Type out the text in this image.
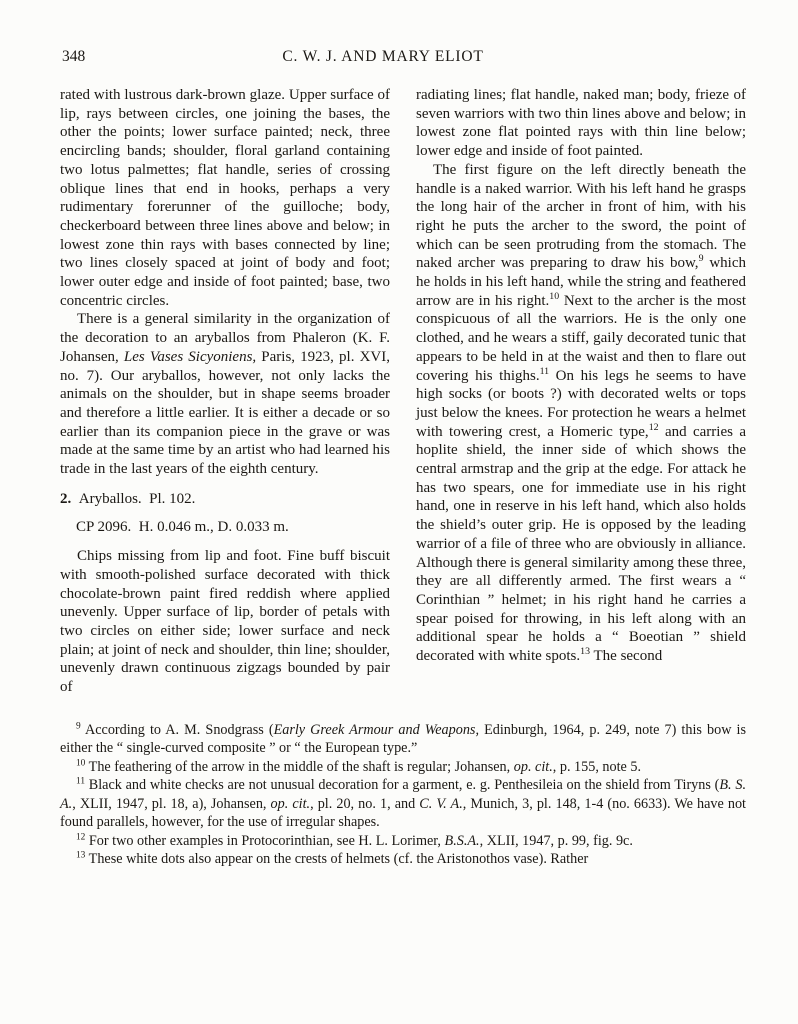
348	C. W. J. AND MARY ELIOT

rated with lustrous dark-brown glaze. Upper surface of lip, rays between circles, one joining the bases, the other the points; lower surface painted; neck, three encircling bands; shoulder, floral garland containing two lotus palmettes; flat handle, series of crossing oblique lines that end in hooks, perhaps a very rudimentary forerunner of the guilloche; body, checkerboard between three lines above and below; in lowest zone thin rays with bases connected by line; two lines closely spaced at joint of body and foot; lower outer edge and inside of foot painted; base, two concentric circles.

There is a general similarity in the organization of the decoration to an aryballos from Phaleron (K. F. Johansen, Les Vases Sicyoniens, Paris, 1923, pl. XVI, no. 7). Our aryballos, however, not only lacks the animals on the shoulder, but in shape seems broader and therefore a little earlier. It is either a decade or so earlier than its companion piece in the grave or was made at the same time by an artist who had learned his trade in the last years of the eighth century.

2. Aryballos. Pl. 102.

CP 2096. H. 0.046 m., D. 0.033 m.

Chips missing from lip and foot. Fine buff biscuit with smooth-polished surface decorated with thick chocolate-brown paint fired reddish where applied unevenly. Upper surface of lip, border of petals with two circles on either side; lower surface and neck plain; at joint of neck and shoulder, thin line; shoulder, unevenly drawn continuous zigzags bounded by pair of

radiating lines; flat handle, naked man; body, frieze of seven warriors with two thin lines above and below; in lowest zone flat pointed rays with thin line below; lower edge and inside of foot painted.

The first figure on the left directly beneath the handle is a naked warrior. With his left hand he grasps the long hair of the archer in front of him, with his right he puts the archer to the sword, the point of which can be seen protruding from the stomach. The naked archer was preparing to draw his bow,$^9$ which he holds in his left hand, while the string and feathered arrow are in his right.$^{10}$ Next to the archer is the most conspicuous of all the warriors. He is the only one clothed, and he wears a stiff, gaily decorated tunic that appears to be held in at the waist and then to flare out covering his thighs.$^{11}$ On his legs he seems to have high socks (or boots ?) with decorated welts or tops just below the knees. For protection he wears a helmet with towering crest, a Homeric type,$^{12}$ and carries a hoplite shield, the inner side of which shows the central armstrap and the grip at the edge. For attack he has two spears, one for immediate use in his right hand, one in reserve in his left hand, which also holds the shield’s outer grip. He is opposed by the leading warrior of a file of three who are obviously in alliance. Although there is general similarity among these three, they are all differently armed. The first wears a “ Corinthian ” helmet; in his right hand he carries a spear poised for throwing, in his left along with an additional spear he holds a “ Boeotian ” shield decorated with white spots.$^{13}$ The second

$^9$ According to A. M. Snodgrass (Early Greek Armour and Weapons, Edinburgh, 1964, p. 249, note 7) this bow is either the “ single-curved composite ” or “ the European type.”

$^{10}$ The feathering of the arrow in the middle of the shaft is regular; Johansen, op. cit., p. 155, note 5.

$^{11}$ Black and white checks are not unusual decoration for a garment, e. g. Penthesileia on the shield from Tiryns (B. S. A., XLII, 1947, pl. 18, a), Johansen, op. cit., pl. 20, no. 1, and C. V. A., Munich, 3, pl. 148, 1-4 (no. 6633). We have not found parallels, however, for the use of irregular shapes.

$^{12}$ For two other examples in Protocorinthian, see H. L. Lorimer, B.S.A., XLII, 1947, p. 99, fig. 9c.

$^{13}$ These white dots also appear on the crests of helmets (cf. the Aristonothos vase). Rather
